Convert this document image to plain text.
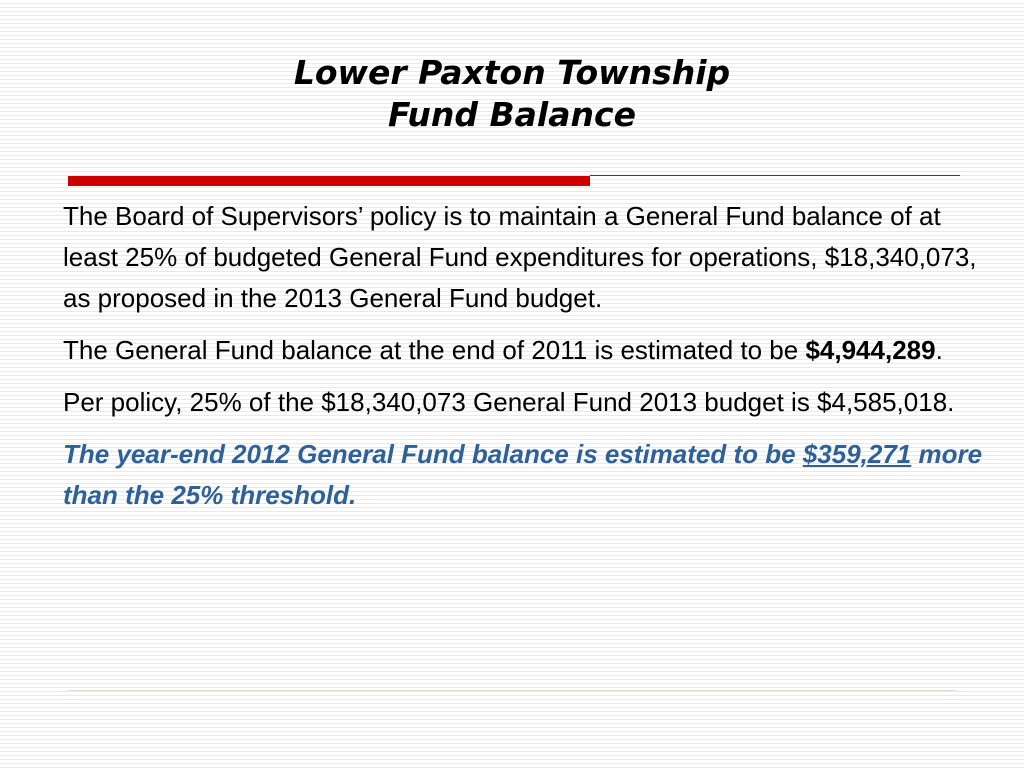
Lower Paxton Township
Fund Balance

The Board of Supervisors’ policy is to maintain a General Fund balance of at least 25% of budgeted General Fund expenditures for operations, $18,340,073, as proposed in the 2013 General Fund budget.

The General Fund balance at the end of 2011 is estimated to be $4,944,289.

Per policy, 25% of the $18,340,073 General Fund 2013 budget is $4,585,018.

The year-end 2012 General Fund balance is estimated to be $359,271 more than the 25% threshold.
